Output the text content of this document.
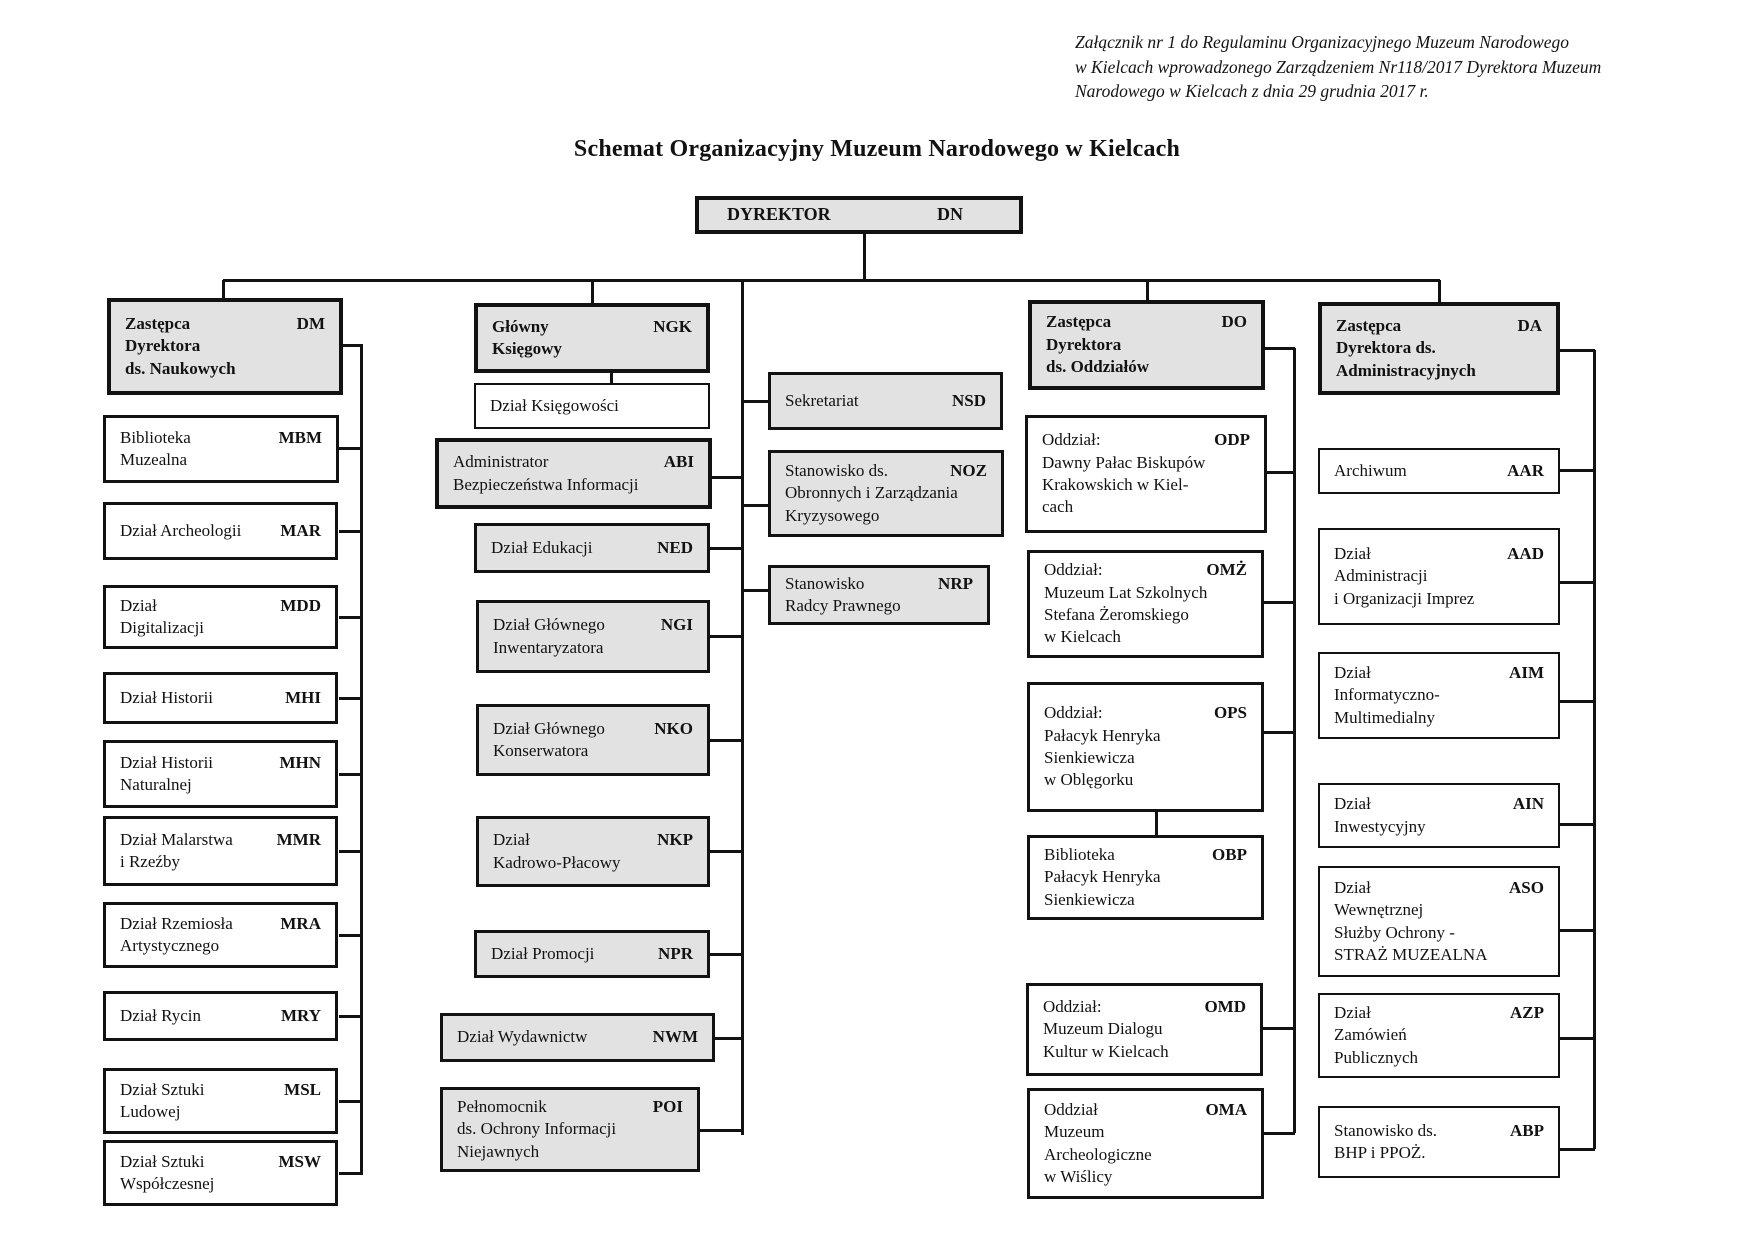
Załącznik nr 1 do Regulaminu Organizacyjnego Muzeum Narodowego
w Kielcach wprowadzonego Zarządzeniem Nr118/2017 Dyrektora Muzeum
Narodowego w Kielcach z dnia 29 grudnia 2017 r.
Schemat Organizacyjny Muzeum Narodowego w Kielcach
DYREKTOR	DN
Zastępca	DM
Dyrektora
ds. Naukowych
Biblioteka	MBM
Muzealna
Dział Archeologii MAR
Dział	MDD
Digitalizacji
Dział Historii	MHI
Dział Historii	MHN
Naturalnej
Dział Malarstwa	MMR
i Rzeźby
Dział Rzemiosła	MRA
Artystycznego
Dział Rycin	MRY
Dział Sztuki	MSL
Ludowej
Dział Sztuki	MSW
Współczesnej
Główny	NGK
Księgowy
Dział Księgowości
Administrator	ABI
Bezpieczeństwa Informacji
Dział Edukacji	NED
Dział Głównego	NGI
Inwentaryzatora
Dział Głównego	NKO
Konserwatora
Dział	NKP
Kadrowo-Płacowy
Dział Promocji	NPR
Dział Wydawnictw	NWM
Pełnomocnik	POI
ds. Ochrony Informacji
Niejawnych
Sekretariat	NSD
Stanowisko ds.	NOZ
Obronnych i Zarządzania
Kryzysowego
Stanowisko	NRP
Radcy Prawnego
Zastępca	DO
Dyrektora
ds. Oddziałów
Oddział:	ODP
Dawny Pałac Biskupów
Krakowskich w Kiel-
cach
Oddział:	OMŻ
Muzeum Lat Szkolnych
Stefana Żeromskiego
w Kielcach
Oddział:	OPS
Pałacyk Henryka
Sienkiewicza
w Oblęgorku
Biblioteka	OBP
Pałacyk Henryka
Sienkiewicza
Oddział:	OMD
Muzeum Dialogu
Kultur w Kielcach
Oddział	OMA
Muzeum
Archeologiczne
w Wiślicy
Zastępca	DA
Dyrektora ds.
Administracyjnych
Archiwum	AAR
Dział	AAD
Administracji
i Organizacji Imprez
Dział	AIM
Informatyczno-
Multimedialny
Dział	AIN
Inwestycyjny
Dział	ASO
Wewnętrznej
Służby Ochrony -
STRAŻ MUZEALNA
Dział	AZP
Zamówień
Publicznych
Stanowisko ds.	ABP
BHP i PPOŻ.
